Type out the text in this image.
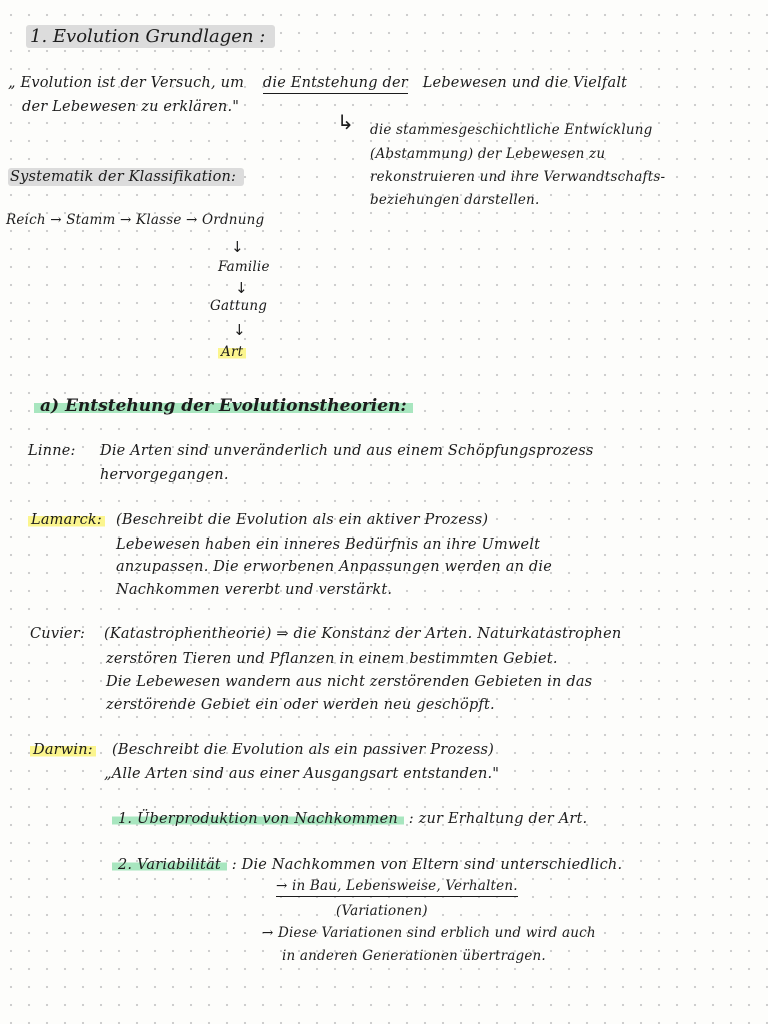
1. Evolution Grundlagen :
„ Evolution ist der Versuch, um die Entstehung der Lebewesen und die Vielfalt
der Lebewesen zu erklären."
↳ die stammesgeschichtliche Entwicklung
(Abstammung) der Lebewesen zu
rekonstruieren und ihre Verwandtschafts-
beziehungen darstellen.
Systematik der Klassifikation:
Reich → Stamm → Klasse → Ordnung
↓
Familie
↓
Gattung
↓
Art
a) Entstehung der Evolutionstheorien:
Linne: Die Arten sind unveränderlich und aus einem Schöpfungsprozess
hervorgegangen.
Lamarck: (Beschreibt die Evolution als ein aktiver Prozess)
Lebewesen haben ein inneres Bedürfnis an ihre Umwelt
anzupassen. Die erworbenen Anpassungen werden an die
Nachkommen vererbt und verstärkt.
Cuvier: (Katastrophentheorie) ⇒ die Konstanz der Arten. Naturkatastrophen
zerstören Tieren und Pflanzen in einem bestimmten Gebiet.
Die Lebewesen wandern aus nicht zerstörenden Gebieten in das
zerstörende Gebiet ein oder werden neu geschöpft.
Darwin: (Beschreibt die Evolution als ein passiver Prozess)
„Alle Arten sind aus einer Ausgangsart entstanden."
1. Überproduktion von Nachkommen : zur Erhaltung der Art.
2. Variabilität : Die Nachkommen von Eltern sind unterschiedlich.
→ in Bau, Lebensweise, Verhalten.
(Variationen)
→ Diese Variationen sind erblich und wird auch
in anderen Generationen übertragen.
